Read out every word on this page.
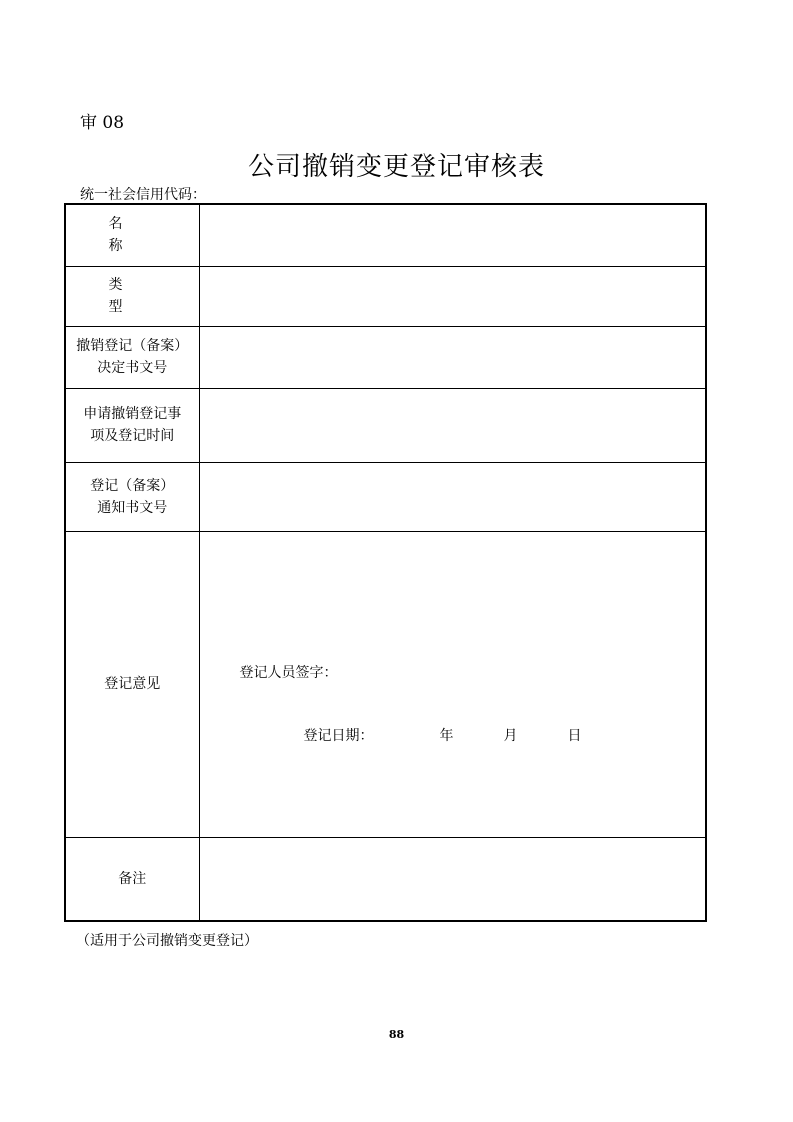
审 08
公司撤销变更登记审核表
统一社会信用代码：
名　称	
类　型	

撤销登记（备案）
决定书文号	

申请撤销登记事
项及登记时间	

登记（备案）
通知书文号	

登记意见	登记人员签字：
登记日期： 年 月 日

备注	
（适用于公司撤销变更登记）
88
